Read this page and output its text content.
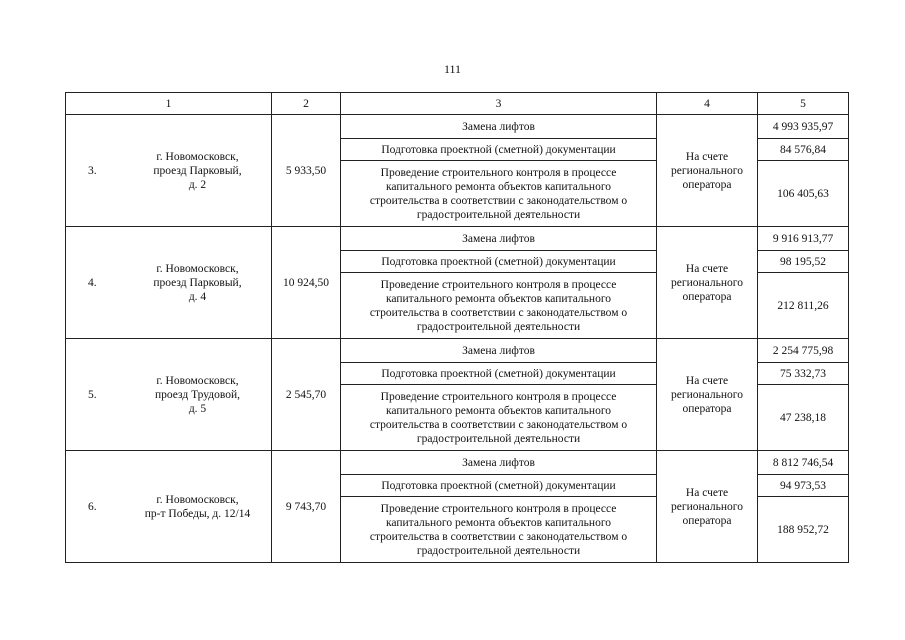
111
1	2	3	4	5

3.
г. Новомосковск,
проезд Парковый,
д. 2	5 933,50	Замена лифтов	На счете
регионального
оператора	4 993 935,97
		Подготовка проектной (сметной) документации		84 576,84
		Проведение строительного контроля в процессе
капитального ремонта объектов капитального
строительства в соответствии с законодательством о
градостроительной деятельности		106 405,63

4.
г. Новомосковск,
проезд Парковый,
д. 4	10 924,50	Замена лифтов	На счете
регионального
оператора	9 916 913,77
		Подготовка проектной (сметной) документации		98 195,52
		Проведение строительного контроля в процессе
капитального ремонта объектов капитального
строительства в соответствии с законодательством о
градостроительной деятельности		212 811,26

5.
г. Новомосковск,
проезд Трудовой,
д. 5	2 545,70	Замена лифтов	На счете
регионального
оператора	2 254 775,98
		Подготовка проектной (сметной) документации		75 332,73
		Проведение строительного контроля в процессе
капитального ремонта объектов капитального
строительства в соответствии с законодательством о
градостроительной деятельности		47 238,18

6.
г. Новомосковск,
пр-т Победы, д. 12/14	9 743,70	Замена лифтов	На счете
регионального
оператора	8 812 746,54
		Подготовка проектной (сметной) документации		94 973,53
		Проведение строительного контроля в процессе
капитального ремонта объектов капитального
строительства в соответствии с законодательством о
градостроительной деятельности		188 952,72
